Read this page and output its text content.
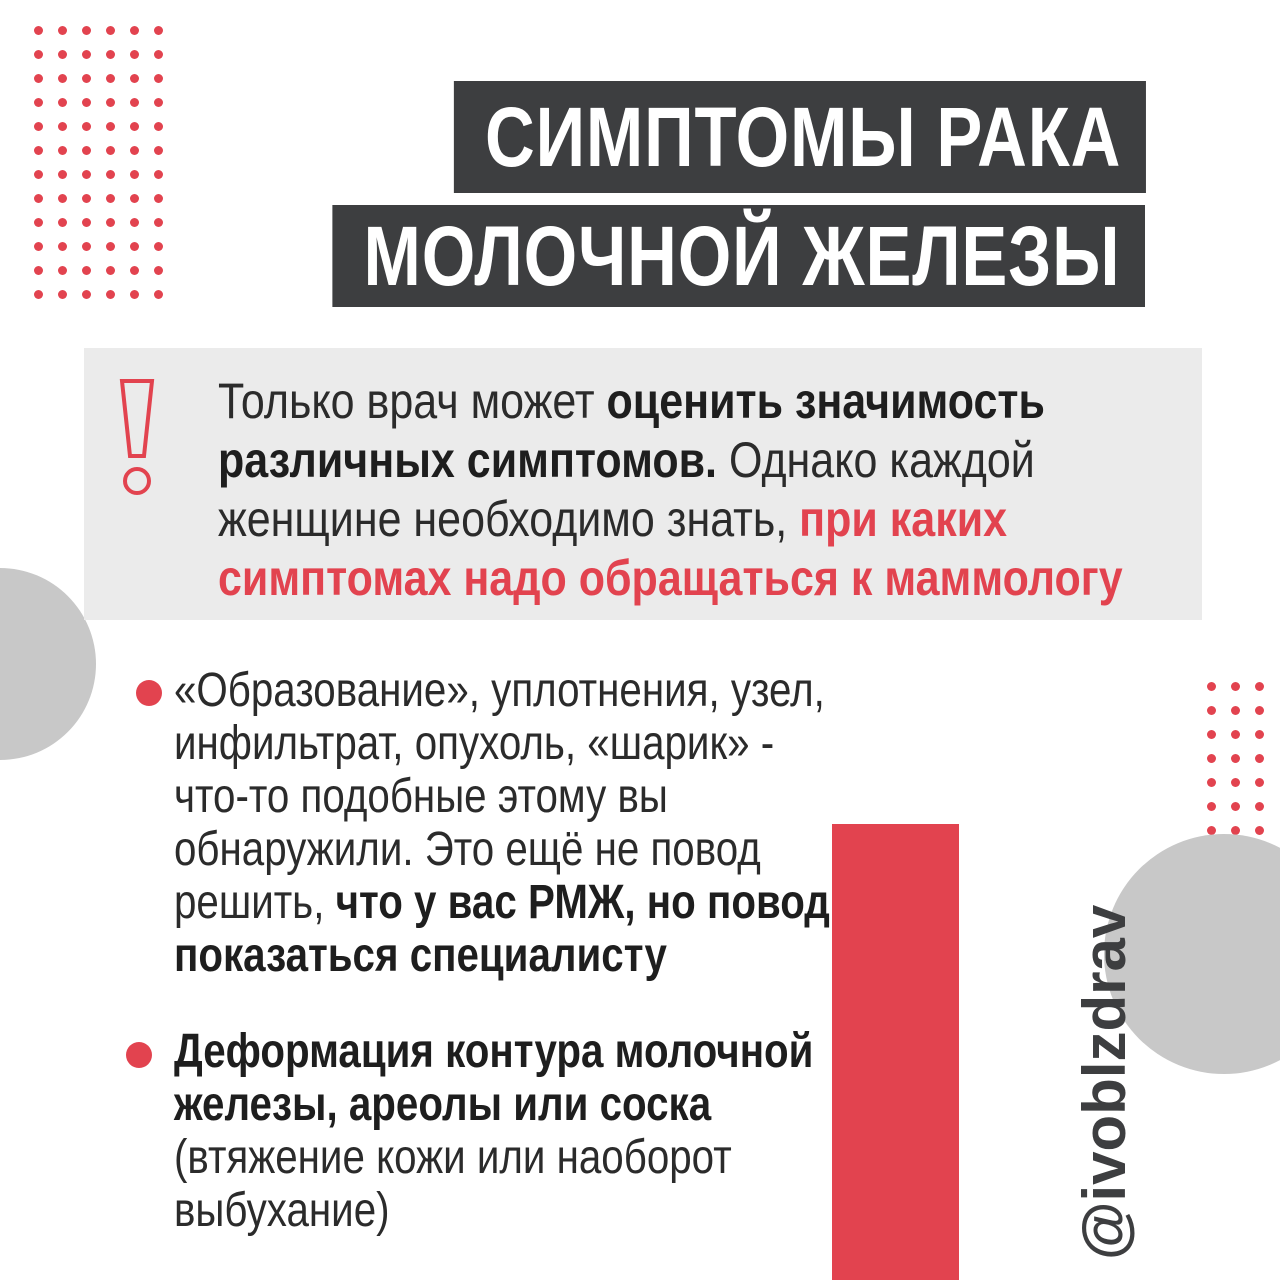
СИМПТОМЫ РАКА
МОЛОЧНОЙ ЖЕЛЕЗЫ
Только врач может оценить значимость
различных симптомов. Однако каждой
женщине необходимо знать, при каких
симптомах надо обращаться к маммологу
«Образование», уплотнения, узел,
инфильтрат, опухоль, «шарик» -
что-то подобные этому вы
обнаружили. Это ещё не повод
решить, что у вас РМЖ, но повод
показаться специалисту
Деформация контура молочной
железы, ареолы или соска
(втяжение кожи или наоборот
выбухание)	@ivoblzdrav
